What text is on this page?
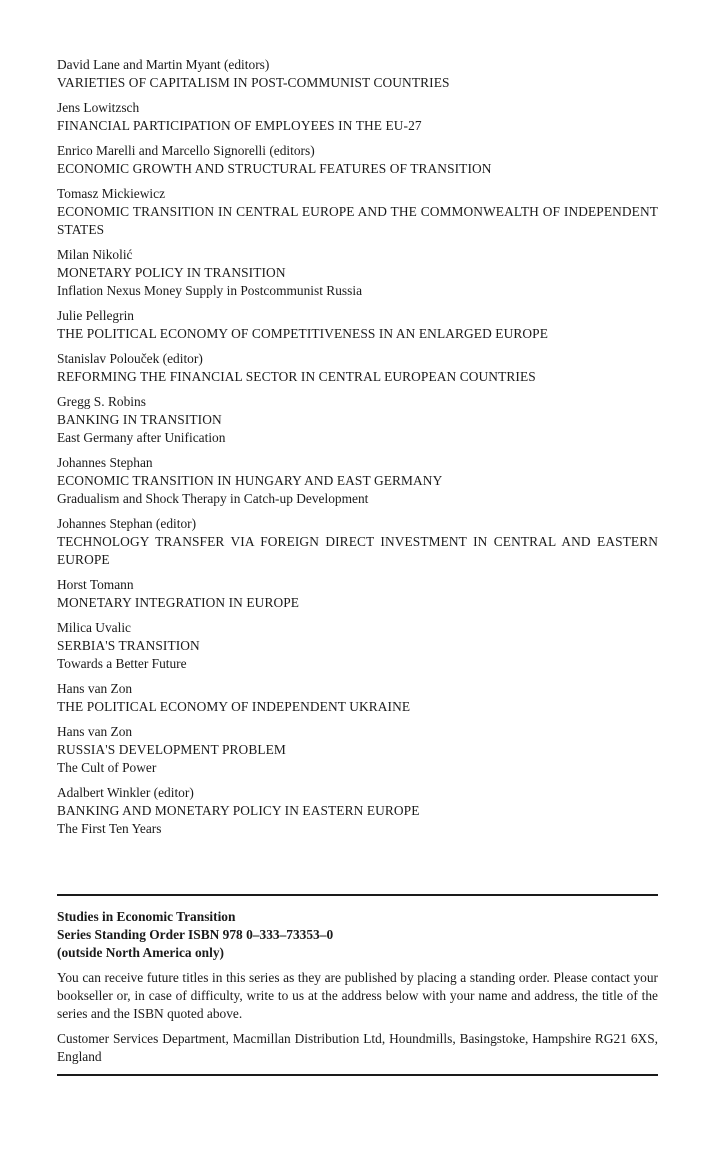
David Lane and Martin Myant (editors)
VARIETIES OF CAPITALISM IN POST-COMMUNIST COUNTRIES
Jens Lowitzsch
FINANCIAL PARTICIPATION OF EMPLOYEES IN THE EU-27
Enrico Marelli and Marcello Signorelli (editors)
ECONOMIC GROWTH AND STRUCTURAL FEATURES OF TRANSITION
Tomasz Mickiewicz
ECONOMIC TRANSITION IN CENTRAL EUROPE AND THE COMMONWEALTH OF INDEPENDENT STATES
Milan Nikolić
MONETARY POLICY IN TRANSITION
Inflation Nexus Money Supply in Postcommunist Russia
Julie Pellegrin
THE POLITICAL ECONOMY OF COMPETITIVENESS IN AN ENLARGED EUROPE
Stanislav Polouček (editor)
REFORMING THE FINANCIAL SECTOR IN CENTRAL EUROPEAN COUNTRIES
Gregg S. Robins
BANKING IN TRANSITION
East Germany after Unification
Johannes Stephan
ECONOMIC TRANSITION IN HUNGARY AND EAST GERMANY
Gradualism and Shock Therapy in Catch-up Development
Johannes Stephan (editor)
TECHNOLOGY TRANSFER VIA FOREIGN DIRECT INVESTMENT IN CENTRAL AND EASTERN EUROPE
Horst Tomann
MONETARY INTEGRATION IN EUROPE
Milica Uvalic
SERBIA'S TRANSITION
Towards a Better Future
Hans van Zon
THE POLITICAL ECONOMY OF INDEPENDENT UKRAINE
Hans van Zon
RUSSIA'S DEVELOPMENT PROBLEM
The Cult of Power
Adalbert Winkler (editor)
BANKING AND MONETARY POLICY IN EASTERN EUROPE
The First Ten Years
Studies in Economic Transition
Series Standing Order ISBN 978 0–333–73353–0
(outside North America only)

You can receive future titles in this series as they are published by placing a standing order. Please contact your bookseller or, in case of difficulty, write to us at the address below with your name and address, the title of the series and the ISBN quoted above.

Customer Services Department, Macmillan Distribution Ltd, Houndmills, Basingstoke, Hampshire RG21 6XS, England
